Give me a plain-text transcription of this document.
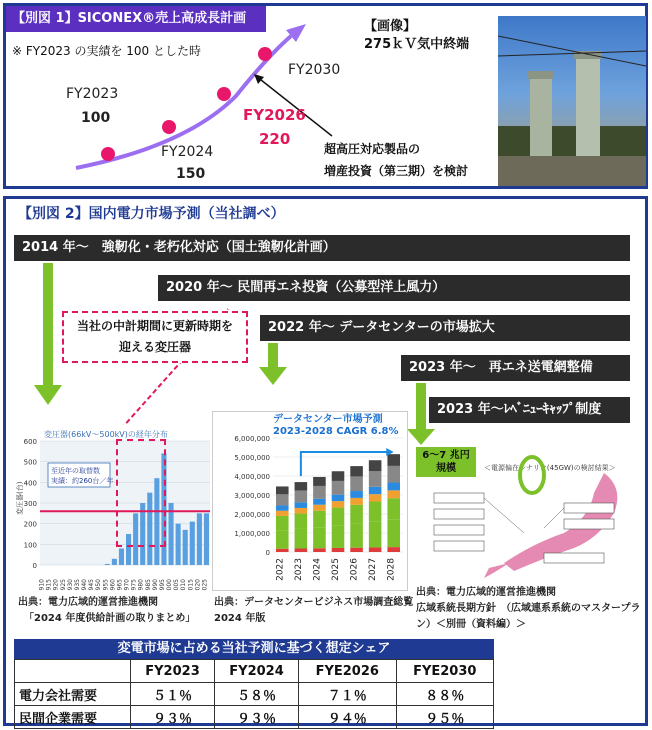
【別図 1】SICONEX®売上高成長計画
※ FY2023 の実績を 100 とした時
FY2023
100
FY2024
150
FY2026
220
FY2030
超高圧対応製品の
増産投資（第三期）を検討
【画像】
275ｋＶ気中終端
【別図 2】国内電力市場予測（当社調べ）
2014 年～　強靭化・老朽化対応（国土強靭化計画）
2020 年～ 民間再エネ投資（公募型洋上風力）
2022 年～ データセンターの市場拡大
2023 年～　再エネ送電網整備
2023 年～ﾚﾍﾞﾆｭｰｷｬｯﾌﾟ制度
当社の中計期間に更新時期を
迎える変圧器
変圧器(66kV～500kV)の経年分布
0
100
200
300
400
500
600
1910 1915 1920 1925 1930 1935 1940 1945 1950 1955 1960 1965 1970 1975 1980 1985 1990 1995 2000 2005 2010 2015 2020 2025
至近年の取替数
実績：約260台／年
変圧器(台)
出典：電力広域的運営推進機関
「2024 年度供給計画の取りまとめ」
データセンター市場予測
2023-2028 CAGR 6.8%
0
1,000,000
2,000,000
3,000,000
4,000,000
5,000,000
6,000,000
2022 2023 2024 2025 2026 2027 2028
出典：データセンタービジネス市場調査総覧
2024 年版
6～7 兆円
規模	＜電源偏在シナリオ(45GW)の検討結果＞
出典：電力広域的運営推進機関
広域系統長期方針　（広域連系系統のマスタープラン）＜別冊（資料編）＞
変電市場に占める当社予測に基づく想定シェア
	FY2023	FY2024	FYE2026	FYE2030
電力会社需要	５１％	５８％	７１％	８８％
民間企業需要	９３％	９３％	９４％	９５％
